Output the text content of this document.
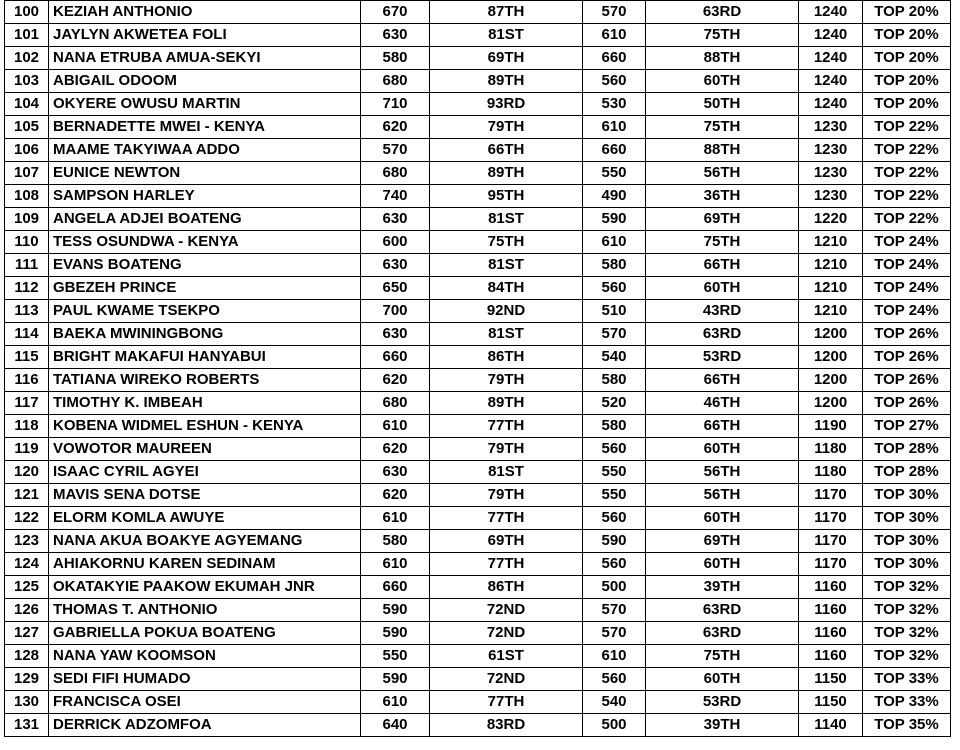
100	KEZIAH ANTHONIO	670	87TH	570	63RD	1240	TOP 20%
101	JAYLYN AKWETEA FOLI	630	81ST	610	75TH	1240	TOP 20%
102	NANA ETRUBA AMUA-SEKYI	580	69TH	660	88TH	1240	TOP 20%
103	ABIGAIL ODOOM	680	89TH	560	60TH	1240	TOP 20%
104	OKYERE OWUSU MARTIN	710	93RD	530	50TH	1240	TOP 20%
105	BERNADETTE MWEI - KENYA	620	79TH	610	75TH	1230	TOP 22%
106	MAAME TAKYIWAA ADDO	570	66TH	660	88TH	1230	TOP 22%
107	EUNICE NEWTON	680	89TH	550	56TH	1230	TOP 22%
108	SAMPSON HARLEY	740	95TH	490	36TH	1230	TOP 22%
109	ANGELA ADJEI BOATENG	630	81ST	590	69TH	1220	TOP 22%
110	TESS OSUNDWA - KENYA	600	75TH	610	75TH	1210	TOP 24%
111	EVANS BOATENG	630	81ST	580	66TH	1210	TOP 24%
112	GBEZEH PRINCE	650	84TH	560	60TH	1210	TOP 24%
113	PAUL KWAME TSEKPO	700	92ND	510	43RD	1210	TOP 24%
114	BAEKA MWININGBONG	630	81ST	570	63RD	1200	TOP 26%
115	BRIGHT MAKAFUI HANYABUI	660	86TH	540	53RD	1200	TOP 26%
116	TATIANA WIREKO ROBERTS	620	79TH	580	66TH	1200	TOP 26%
117	TIMOTHY K. IMBEAH	680	89TH	520	46TH	1200	TOP 26%
118	KOBENA WIDMEL ESHUN - KENYA	610	77TH	580	66TH	1190	TOP 27%
119	VOWOTOR MAUREEN	620	79TH	560	60TH	1180	TOP 28%
120	ISAAC CYRIL AGYEI	630	81ST	550	56TH	1180	TOP 28%
121	MAVIS SENA DOTSE	620	79TH	550	56TH	1170	TOP 30%
122	ELORM KOMLA AWUYE	610	77TH	560	60TH	1170	TOP 30%
123	NANA AKUA BOAKYE AGYEMANG	580	69TH	590	69TH	1170	TOP 30%
124	AHIAKORNU KAREN SEDINAM	610	77TH	560	60TH	1170	TOP 30%
125	OKATAKYIE PAAKOW EKUMAH JNR	660	86TH	500	39TH	1160	TOP 32%
126	THOMAS T. ANTHONIO	590	72ND	570	63RD	1160	TOP 32%
127	GABRIELLA POKUA BOATENG	590	72ND	570	63RD	1160	TOP 32%
128	NANA YAW KOOMSON	550	61ST	610	75TH	1160	TOP 32%
129	SEDI FIFI HUMADO	590	72ND	560	60TH	1150	TOP 33%
130	FRANCISCA OSEI	610	77TH	540	53RD	1150	TOP 33%
131	DERRICK ADZOMFOA	640	83RD	500	39TH	1140	TOP 35%
